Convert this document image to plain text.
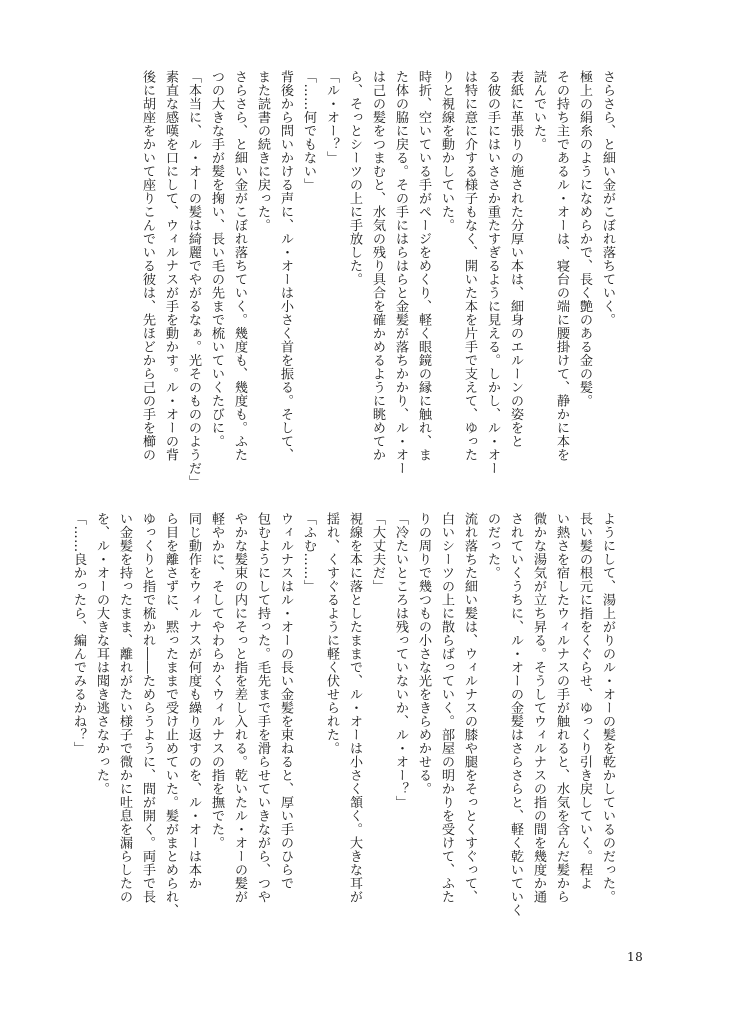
さらさら、と細い金がこぼれ落ちていく。

極上の絹糸のようになめらかで、長く艶のある金の髪。

その持ち主であるル・オーは、寝台の端に腰掛けて、静かに本を

読んでいた。

表紙に革張りの施された分厚い本は、細身のエルーンの姿をと

る彼の手にはいささか重たすぎるように見える。しかし、ル・オー

は特に意に介する様子もなく、開いた本を片手で支えて、ゆった

りと視線を動かしていた。

時折、空いている手がページをめくり、軽く眼鏡の縁に触れ、ま

た体の脇に戻る。その手にはらはらと金髪が落ちかかり、ル・オー

は己の髪をつまむと、水気の残り具合を確かめるように眺めてか

ら、そっとシーツの上に手放した。

「ル・オー？」

「……何でもない」

背後から問いかける声に、ル・オーは小さく首を振る。そして、

また読書の続きに戻った。

さらさら、と細い金がこぼれ落ちていく。幾度も、幾度も。ふた

つの大きな手が髪を掬い、長い毛の先まで梳いていくたびに。

「本当に、ル・オーの髪は綺麗でやがるなぁ。光そのもののようだ」

素直な感嘆を口にして、ウィルナスが手を動かす。ル・オーの背

後に胡座をかいて座りこんでいる彼は、先ほどから己の手を櫛の

ようにして、湯上がりのル・オーの髪を乾かしているのだった。

長い髪の根元に指をくぐらせ、ゆっくり引き戻していく。程よ

い熱さを宿したウィルナスの手が触れると、水気を含んだ髪から

微かな湯気が立ち昇る。そうしてウィルナスの指の間を幾度か通

されていくうちに、ル・オーの金髪はさらさらと、軽く乾いていく

のだった。

流れ落ちた細い髪は、ウィルナスの膝や腿をそっとくすぐって、

白いシーツの上に散らばっていく。部屋の明かりを受けて、ふた

りの周りで幾つもの小さな光をきらめかせる。

「冷たいところは残っていないか、ル・オー？」

「大丈夫だ」

視線を本に落としたままで、ル・オーは小さく頷く。大きな耳が

揺れ、くすぐるように軽く伏せられた。

「ふむ……」

ウィルナスはル・オーの長い金髪を束ねると、厚い手のひらで

包むようにして持った。毛先まで手を滑らせていきながら、つや

やかな髪束の内にそっと指を差し入れる。乾いたル・オーの髪が

軽やかに、そしてやわらかくウィルナスの指を撫でた。

同じ動作をウィルナスが何度も繰り返すのを、ル・オーは本か

ら目を離さずに、黙ったままで受け止めていた。髪がまとめられ、

ゆっくりと指で梳かれ――ためらうように、間が開く。両手で長

い金髪を持ったまま、離れがたい様子で微かに吐息を漏らしたの

を、ル・オーの大きな耳は聞き逃さなかった。

「……良かったら、編んでみるかね？」

18
